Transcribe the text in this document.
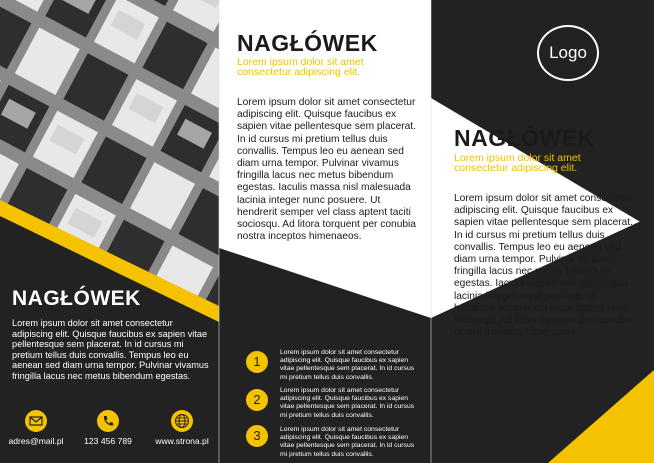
NAGŁÓWEK

Lorem ipsum dolor sit amet consectetur adipiscing elit. Quisque faucibus ex sapien vitae pellentesque sem placerat. In id cursus mi pretium tellus duis convallis. Tempus leo eu aenean sed diam urna tempor. Pulvinar vivamus fringilla lacus nec metus bibendum egestas.

adres@mail.pl	123 456 789	www.strona.pl
NAGŁÓWEK

Lorem ipsum dolor sit amet consectetur adipiscing elit.

Lorem ipsum dolor sit amet consectetur adipiscing elit. Quisque faucibus ex sapien vitae pellentesque sem placerat. In id cursus mi pretium tellus duis convallis. Tempus leo eu aenean sed diam urna tempor. Pulvinar vivamus fringilla lacus nec metus bibendum egestas. Iaculis massa nisl malesuada lacinia integer nunc posuere. Ut hendrerit semper vel class aptent taciti sociosqu. Ad litora torquent per conubia nostra inceptos himenaeos.

1

Lorem ipsum dolor sit amet consectetur adipiscing elit. Quisque faucibus ex sapien vitae pellentesque sem placerat. In id cursus mi pretium tellus duis convallis.

2

Lorem ipsum dolor sit amet consectetur adipiscing elit. Quisque faucibus ex sapien vitae pellentesque sem placerat. In id cursus mi pretium tellus duis convallis.

3	Lorem ipsum dolor sit amet consectetur adipiscing elit. Quisque faucibus ex sapien vitae pellentesque sem placerat. In id cursus mi pretium tellus duis convallis.

Logo
NAGŁÓWEK

Lorem ipsum dolor sit amet consectetur adipiscing elit.

Lorem ipsum dolor sit amet consectetur adipiscing elit. Quisque faucibus ex sapien vitae pellentesque sem placerat. In id cursus mi pretium tellus duis convallis. Tempus leo eu aenean sed diam urna tempor. Pulvinar vivamus fringilla lacus nec metus bibendum egestas. Iaculis massa nisl malesuada lacinia integer nunc posuere. Ut hendrerit semper vel class aptent taciti sociosqu. Ad litora torquent per conubia nostra inceptos himenaeos.
